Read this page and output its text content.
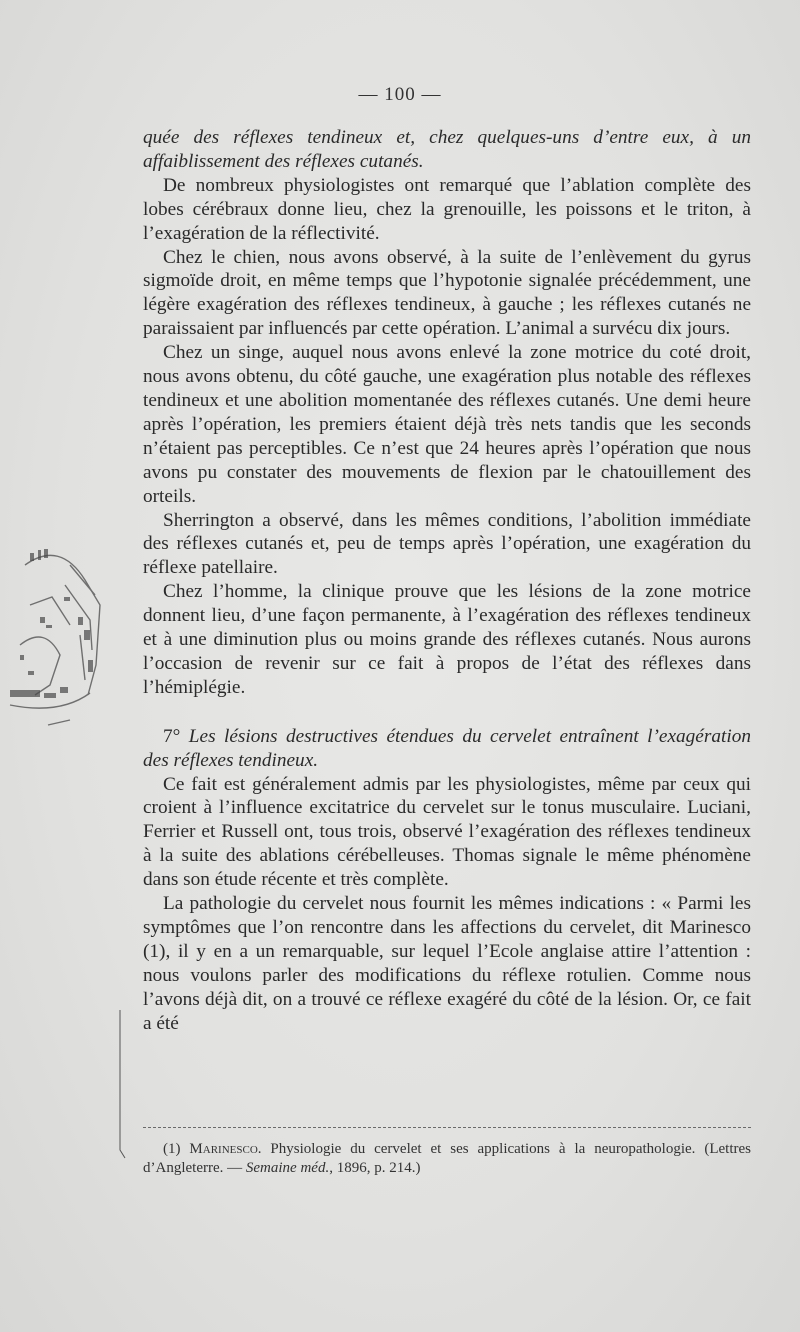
— 100 —

quée des réflexes tendineux et, chez quelques-uns d’entre eux, à un affaiblissement des réflexes cutanés.

De nombreux physiologistes ont remarqué que l’ablation complète des lobes cérébraux donne lieu, chez la grenouille, les poissons et le triton, à l’exagération de la réflectivité.

Chez le chien, nous avons observé, à la suite de l’enlèvement du gyrus sigmoïde droit, en même temps que l’hypotonie signalée précédemment, une légère exagération des réflexes tendineux, à gauche ; les réflexes cutanés ne paraissaient par influencés par cette opération. L’animal a survécu dix jours.

Chez un singe, auquel nous avons enlevé la zone motrice du coté droit, nous avons obtenu, du côté gauche, une exagération plus notable des réflexes tendineux et une abolition momentanée des réflexes cutanés. Une demi heure après l’opération, les premiers étaient déjà très nets tandis que les seconds n’étaient pas perceptibles. Ce n’est que 24 heures après l’opération que nous avons pu constater des mouvements de flexion par le chatouillement des orteils.

Sherrington a observé, dans les mêmes conditions, l’abolition immédiate des réflexes cutanés et, peu de temps après l’opération, une exagération du réflexe patellaire.

Chez l’homme, la clinique prouve que les lésions de la zone motrice donnent lieu, d’une façon permanente, à l’exagération des réflexes tendineux et à une diminution plus ou moins grande des réflexes cutanés. Nous aurons l’occasion de revenir sur ce fait à propos de l’état des réflexes dans l’hémiplégie.

7° Les lésions destructives étendues du cervelet entraînent l’exagération des réflexes tendineux.

Ce fait est généralement admis par les physiologistes, même par ceux qui croient à l’influence excitatrice du cervelet sur le tonus musculaire. Luciani, Ferrier et Russell ont, tous trois, observé l’exagération des réflexes tendineux à la suite des ablations cérébelleuses. Thomas signale le même phénomène dans son étude récente et très complète.

La pathologie du cervelet nous fournit les mêmes indications : « Parmi les symptômes que l’on rencontre dans les affections du cervelet, dit Marinesco (1), il y en a un remarquable, sur lequel l’Ecole anglaise attire l’attention : nous voulons parler des modifications du réflexe rotulien. Comme nous l’avons déjà dit, on a trouvé ce réflexe exagéré du côté de la lésion. Or, ce fait a été

(1) Marinesco. Physiologie du cervelet et ses applications à la neuropathologie. (Lettres d’Angleterre. — Semaine méd., 1896, p. 214.)
